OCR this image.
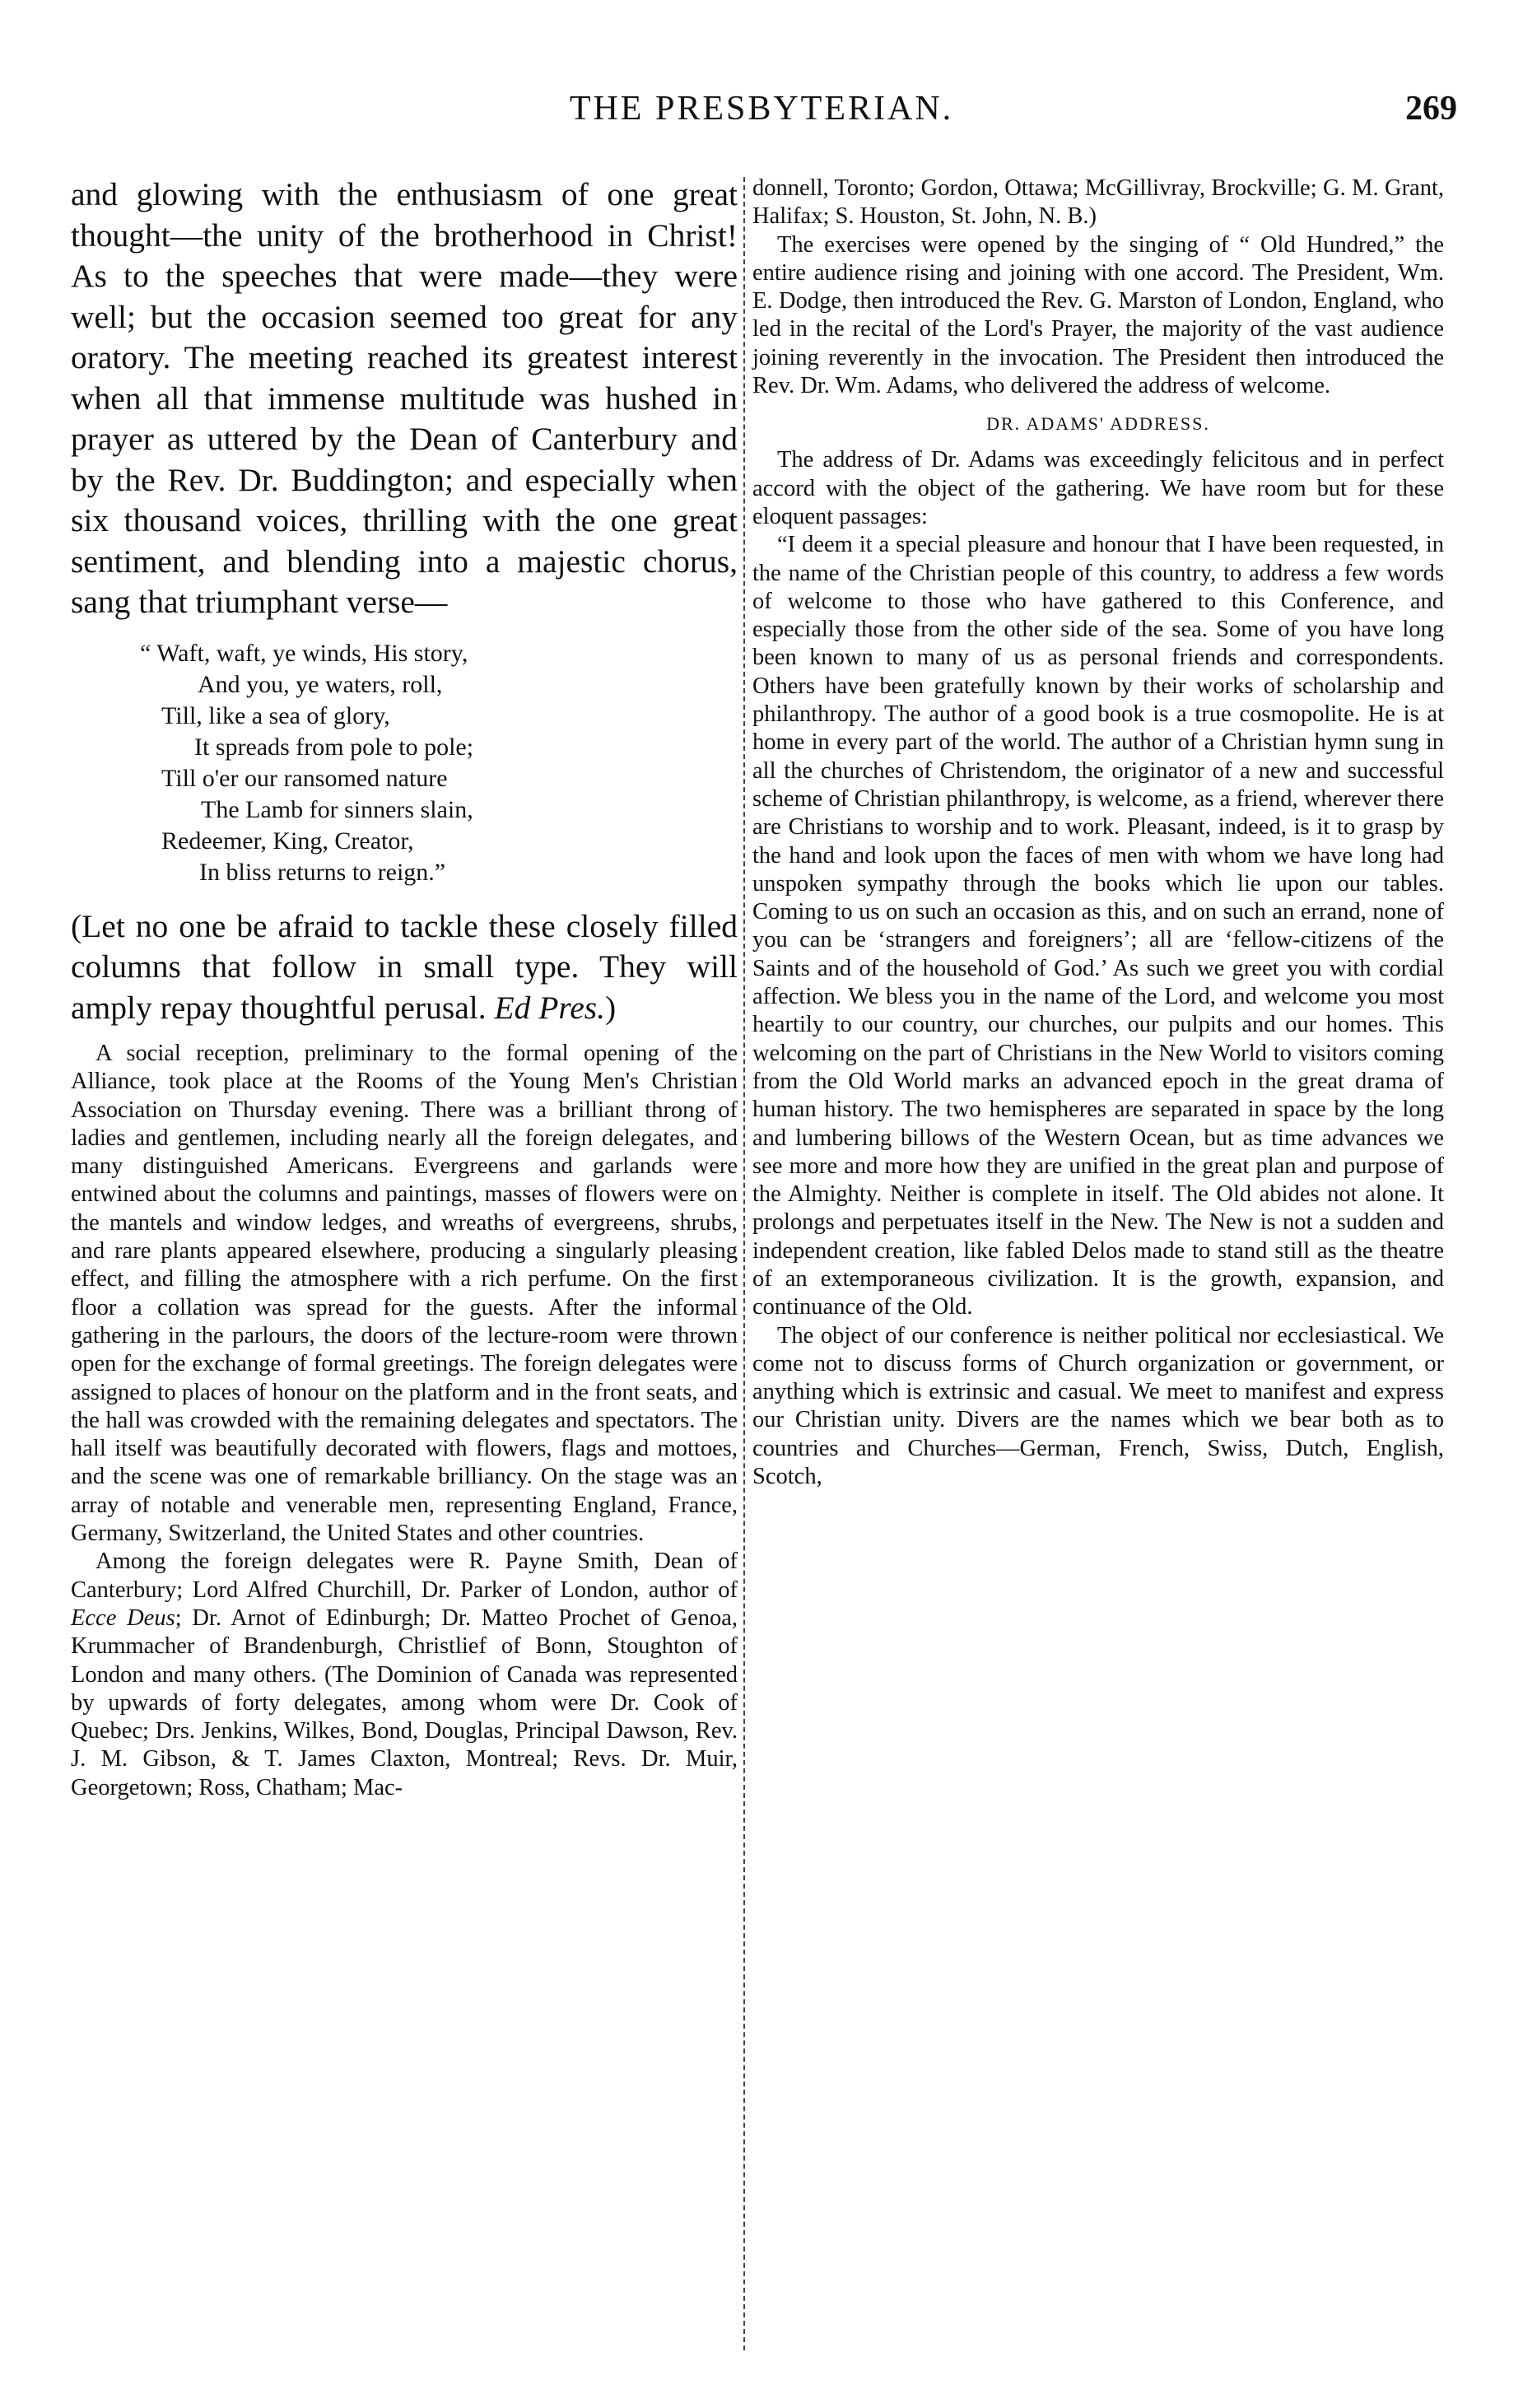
THE PRESBYTERIAN.	269

and glowing with the enthusiasm of one great thought—the unity of the brotherhood in Christ! As to the speeches that were made—they were well; but the occasion seemed too great for any oratory. The meeting reached its greatest interest when all that immense multitude was hushed in prayer as uttered by the Dean of Canterbury and by the Rev. Dr. Buddington; and especially when six thousand voices, thrilling with the one great sentiment, and blending into a majestic chorus, sang that triumphant verse—

“ Waft, waft, ye winds, His story,
And you, ye waters, roll,
Till, like a sea of glory,
It spreads from pole to pole;
Till o'er our ransomed nature
The Lamb for sinners slain,
Redeemer, King, Creator,
In bliss returns to reign.”

(Let no one be afraid to tackle these closely filled columns that follow in small type. They will amply repay thoughtful perusal. Ed Pres.)

A social reception, preliminary to the formal opening of the Alliance, took place at the Rooms of the Young Men's Christian Association on Thursday evening. There was a brilliant throng of ladies and gentlemen, including nearly all the foreign delegates, and many distinguished Americans. Evergreens and garlands were entwined about the columns and paintings, masses of flowers were on the mantels and window ledges, and wreaths of evergreens, shrubs, and rare plants appeared elsewhere, producing a singularly pleasing effect, and filling the atmosphere with a rich perfume. On the first floor a collation was spread for the guests. After the informal gathering in the parlours, the doors of the lecture-room were thrown open for the exchange of formal greetings. The foreign delegates were assigned to places of honour on the platform and in the front seats, and the hall was crowded with the remaining delegates and spectators. The hall itself was beautifully decorated with flowers, flags and mottoes, and the scene was one of remarkable brilliancy. On the stage was an array of notable and venerable men, representing England, France, Germany, Switzerland, the United States and other countries.

Among the foreign delegates were R. Payne Smith, Dean of Canterbury; Lord Alfred Churchill, Dr. Parker of London, author of Ecce Deus; Dr. Arnot of Edinburgh; Dr. Matteo Prochet of Genoa, Krummacher of Brandenburgh, Christlief of Bonn, Stoughton of London and many others. (The Dominion of Canada was represented by upwards of forty delegates, among whom were Dr. Cook of Quebec; Drs. Jenkins, Wilkes, Bond, Douglas, Principal Dawson, Rev. J. M. Gibson, & T. James Claxton, Montreal; Revs. Dr. Muir, Georgetown; Ross, Chatham; Mac-

donnell, Toronto; Gordon, Ottawa; McGillivray, Brockville; G. M. Grant, Halifax; S. Houston, St. John, N. B.)

The exercises were opened by the singing of “ Old Hundred,” the entire audience rising and joining with one accord. The President, Wm. E. Dodge, then introduced the Rev. G. Marston of London, England, who led in the recital of the Lord's Prayer, the majority of the vast audience joining reverently in the invocation. The President then introduced the Rev. Dr. Wm. Adams, who delivered the address of welcome.

DR. ADAMS' ADDRESS.

The address of Dr. Adams was exceedingly felicitous and in perfect accord with the object of the gathering. We have room but for these eloquent passages:

“I deem it a special pleasure and honour that I have been requested, in the name of the Christian people of this country, to address a few words of welcome to those who have gathered to this Conference, and especially those from the other side of the sea. Some of you have long been known to many of us as personal friends and correspondents. Others have been gratefully known by their works of scholarship and philanthropy. The author of a good book is a true cosmopolite. He is at home in every part of the world. The author of a Christian hymn sung in all the churches of Christendom, the originator of a new and successful scheme of Christian philanthropy, is welcome, as a friend, wherever there are Christians to worship and to work. Pleasant, indeed, is it to grasp by the hand and look upon the faces of men with whom we have long had unspoken sympathy through the books which lie upon our tables. Coming to us on such an occasion as this, and on such an errand, none of you can be ‘strangers and foreigners’; all are ‘fellow-citizens of the Saints and of the household of God.’ As such we greet you with cordial affection. We bless you in the name of the Lord, and welcome you most heartily to our country, our churches, our pulpits and our homes. This welcoming on the part of Christians in the New World to visitors coming from the Old World marks an advanced epoch in the great drama of human history. The two hemispheres are separated in space by the long and lumbering billows of the Western Ocean, but as time advances we see more and more how they are unified in the great plan and purpose of the Almighty. Neither is complete in itself. The Old abides not alone. It prolongs and perpetuates itself in the New. The New is not a sudden and independent creation, like fabled Delos made to stand still as the theatre of an extemporaneous civilization. It is the growth, expansion, and continuance of the Old.

The object of our conference is neither political nor ecclesiastical. We come not to discuss forms of Church organization or government, or anything which is extrinsic and casual. We meet to manifest and express our Christian unity. Divers are the names which we bear both as to countries and Churches—German, French, Swiss, Dutch, English, Scotch,
